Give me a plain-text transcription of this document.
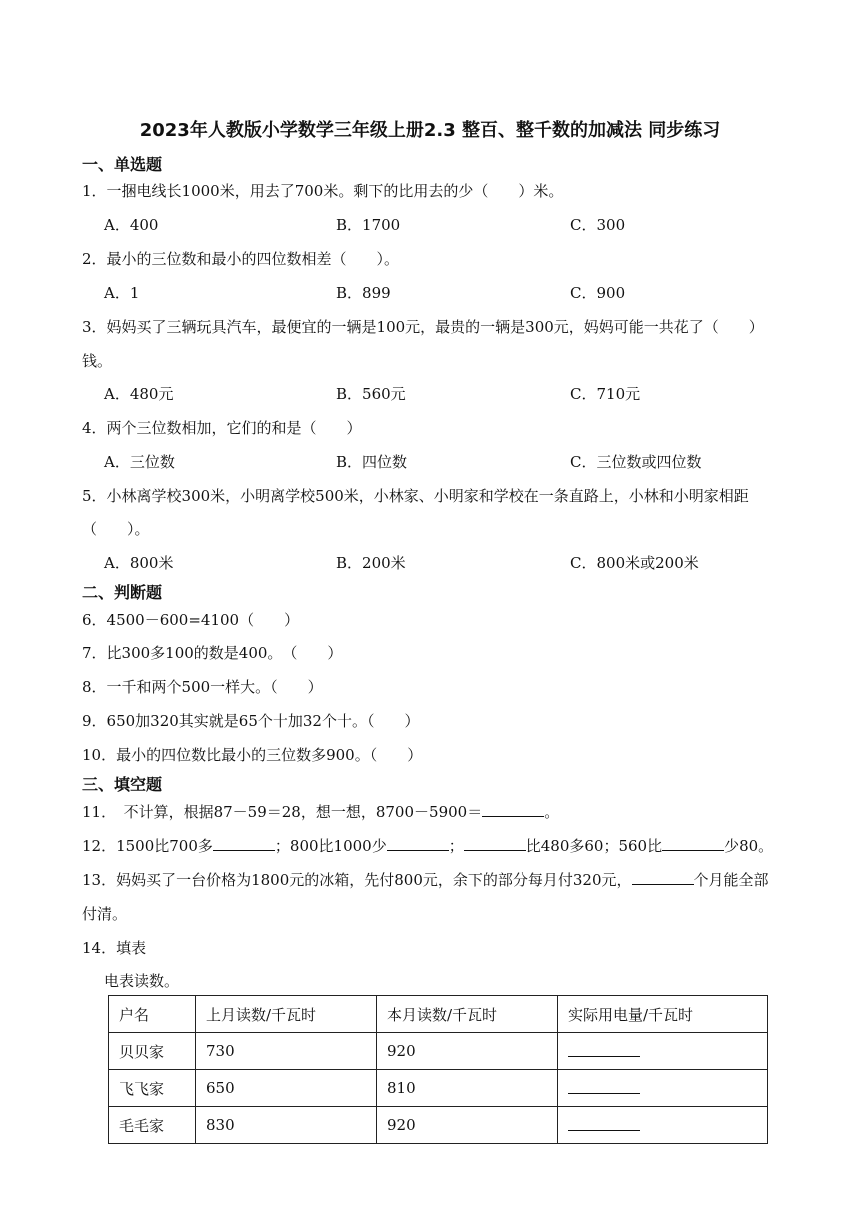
2023年人教版小学数学三年级上册2.3 整百、整千数的加减法 同步练习
一、单选题
1．一捆电线长1000米，用去了700米。剩下的比用去的少（　　）米。
A．400	B．1700	C．300
2．最小的三位数和最小的四位数相差（　　）。
A．1	B．899	C．900
3．妈妈买了三辆玩具汽车，最便宜的一辆是100元，最贵的一辆是300元，妈妈可能一共花了（　　）
钱。
A．480元	B．560元	C．710元
4．两个三位数相加，它们的和是（　　）
A．三位数	B．四位数	C．三位数或四位数
5．小林离学校300米，小明离学校500米，小林家、小明家和学校在一条直路上，小林和小明家相距
（　　）。
A．800米	B．200米	C．800米或200米
二、判断题
6．4500－600=4100（　　）
7．比300多100的数是400。　（　　）
8．一千和两个500一样大。（　　）
9．650加320其实就是65个十加32个十。（　　）
10．最小的四位数比最小的三位数多900。（　　）
三、填空题
11．　不计算，根据87－59＝28，想一想，8700－5900＝	。
12．1500比700多	；800比1000少	；	比480多60；560比	少80。
13．妈妈买了一台价格为1800元的冰箱，先付800元，余下的部分每月付320元，	个月能全部
付清。
14．填表
电表读数。
户名	上月读数/千瓦时	本月读数/千瓦时	实际用电量/千瓦时
贝贝家	730	920	
飞飞家	650	810	
毛毛家	830	920	
